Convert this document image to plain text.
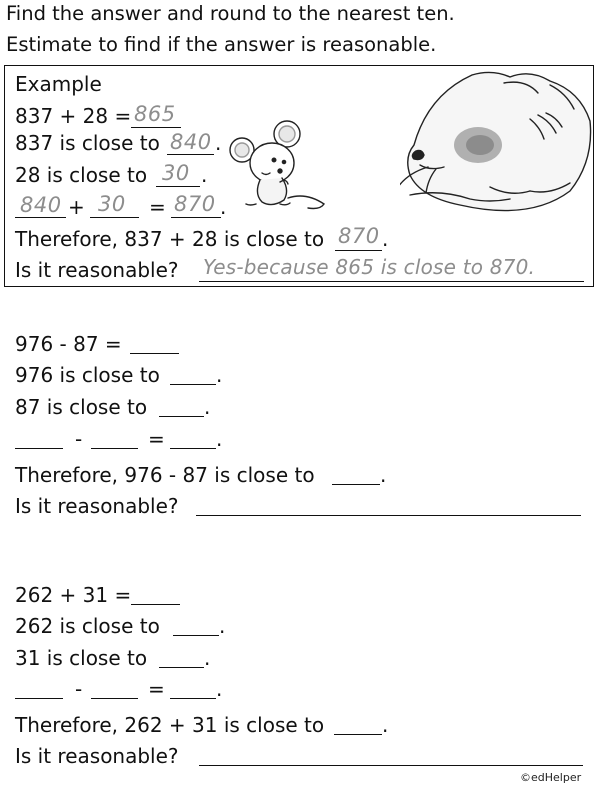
Find the answer and round to the nearest ten.
Estimate to find if the answer is reasonable.
Example
837 + 28 = 865
837 is close to 840 .
28 is close to 30 .
840 + 30 = 870 .
Therefore, 837 + 28 is close to 870 .
Is it reasonable? Yes-because 865 is close to 870.
976 - 87 =
976 is close to	.
87 is close to	.
-	=	.
Therefore, 976 - 87 is close to	.
Is it reasonable?
262 + 31 =
262 is close to	.
31 is close to	.
-	=	.
Therefore, 262 + 31 is close to	.
Is it reasonable?
©edHelper
